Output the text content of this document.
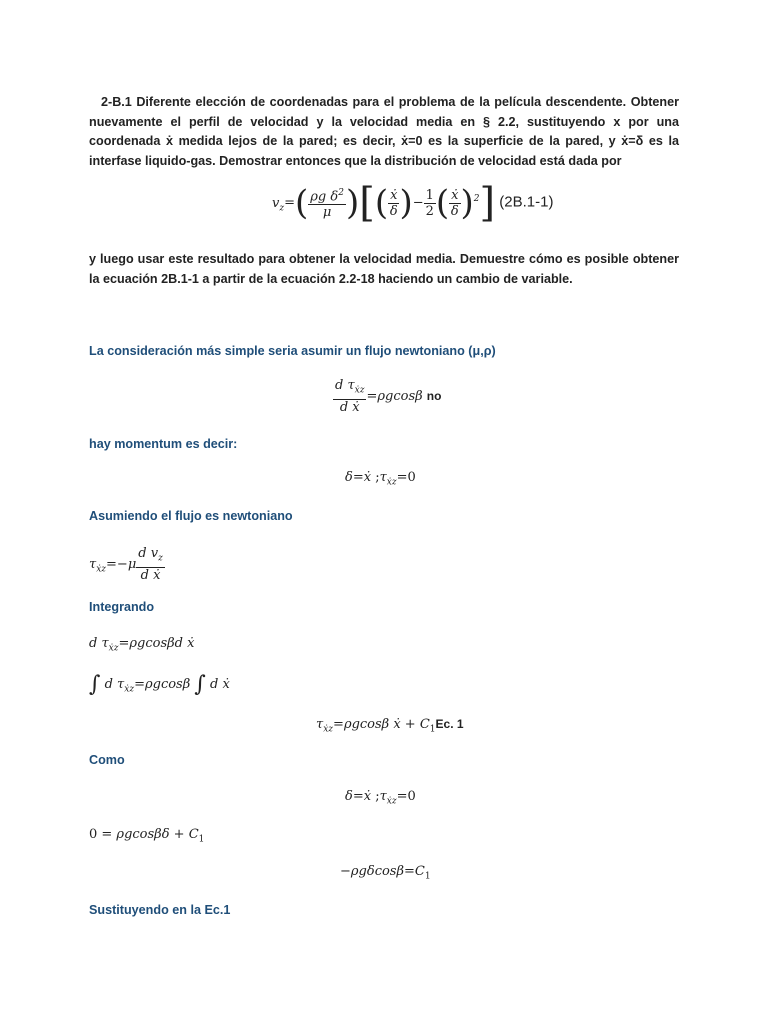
2-B.1 Diferente elección de coordenadas para el problema de la película descendente. Obtener nuevamente el perfil de velocidad y la velocidad media en § 2.2, sustituyendo x por una coordenada ẋ medida lejos de la pared; es decir, ẋ=0 es la superficie de la pared, y ẋ=δ es la interfase liquido-gas. Demostrar entonces que la distribución de velocidad está dada por

$v_z=( \frac{\rho g \delta^2}{\mu}$ )[( $\frac{\text{ẋ}}{\delta}$ )− $\frac{1}{2}$ ( $\frac{\text{ẋ}}{\delta} )^2$] (2B.1-1)

y luego usar este resultado para obtener la velocidad media. Demuestre cómo es posible obtener la ecuación 2B.1-1 a partir de la ecuación 2.2-18 haciendo un cambio de variable.

La consideración más simple seria asumir un flujo newtoniano (μ,ρ)
$\frac{d \tau_{ẋz}}{\text{d ẋ}} =\rho gcos\beta$ no
hay momentum es decir:
δ=ẋ $;\tau_{ẋz}=0$
Asumiendo el flujo es newtoniano
$\tau_{ẋz}=-\mu \frac{d v_z}{\text{d ẋ}}$
Integrando
d $\tau_{ẋz}=\rho gcos\beta d$ ẋ
∫ d $\tau_{ẋz}=\rho gcos\beta$ ∫ d ẋ
$\tau_{ẋz}=\rho gcos\beta$ ẋ + $C_1Ec$. 1
Como
δ=ẋ $;\tau_{ẋz}=0$
$0 = \rho gcos\beta\delta + C_1$
$-\rho g\delta\cos\beta=C_1$
Sustituyendo en la Ec.1
